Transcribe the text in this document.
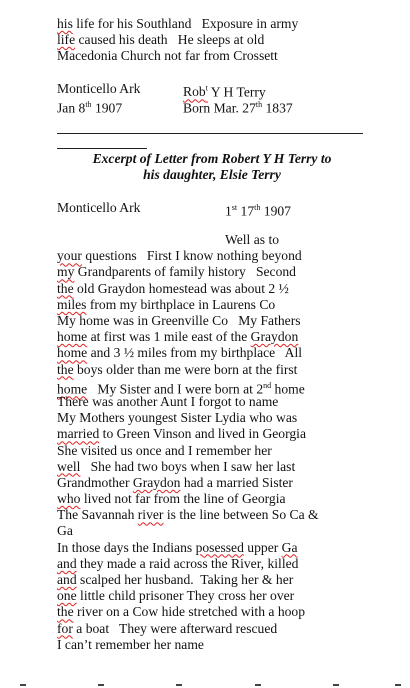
his life for his Southland   Exposure in army
life caused his death   He sleeps at old
Macedonia Church not far from Crossett
Monticello Ark	Rob$^t$ Y H Terry
Jan 8th 1907	Born Mar. 27th 1837
Excerpt of Letter from Robert Y H Terry to
his daughter, Elsie Terry
Monticello Ark	1st 17th 1907
Well as to
your questions   First I know nothing beyond
my Grandparents of family history   Second
the old Graydon homestead was about 2 ½
miles from my birthplace in Laurens Co
My home was in Greenville Co   My Fathers
home at first was 1 mile east of the Graydon
home and 3 ½ miles from my birthplace   All
the boys older than me were born at the first
home   My Sister and I were born at 2nd home
There was another Aunt I forgot to name
My Mothers youngest Sister Lydia who was
married to Green Vinson and lived in Georgia
She visited us once and I remember her
well   She had two boys when I saw her last
Grandmother Graydon had a married Sister
who lived not far from the line of Georgia
The Savannah river is the line between So Ca &
Ga
In those days the Indians posessed upper Ga
and they made a raid across the River, killed
and scalped her husband.  Taking her & her
one little child prisoner They cross her over
the river on a Cow hide stretched with a hoop
for a boat   They were afterward rescued
I can’t remember her name
